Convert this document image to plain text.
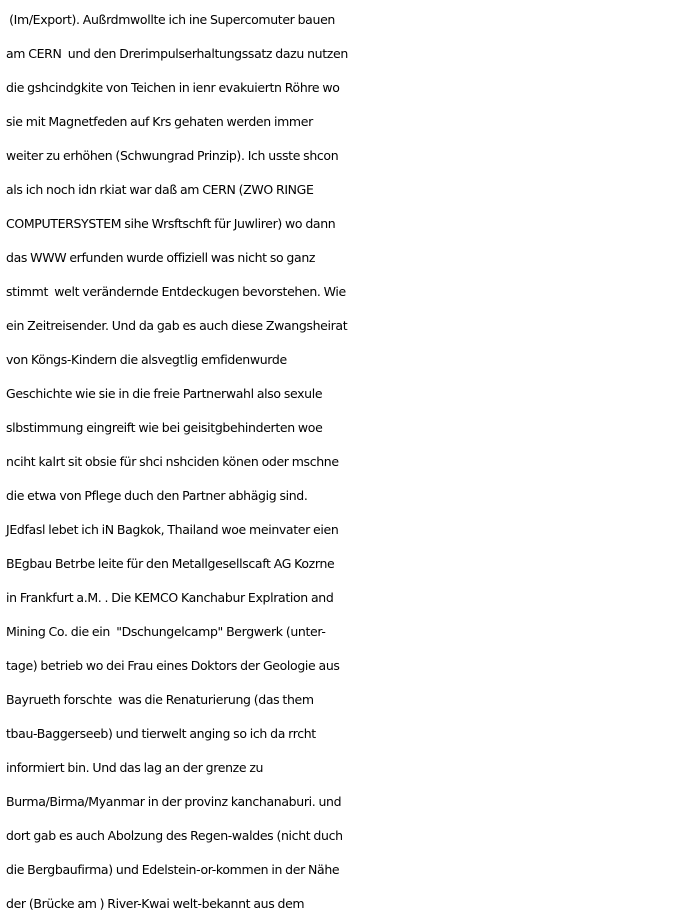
(Im/Export). Außrdmwollte ich ine Supercomuter bauen
am CERN  und den Drerimpulserhaltungssatz dazu nutzen
die gshcindgkite von Teichen in ienr evakuiertn Röhre wo
sie mit Magnetfeden auf Krs gehaten werden immer
weiter zu erhöhen (Schwungrad Prinzip). Ich usste shcon
als ich noch idn rkiat war daß am CERN (ZWO RINGE
COMPUTERSYSTEM sihe Wrsftschft für Juwlirer) wo dann
das WWW erfunden wurde offiziell was nicht so ganz
stimmt  welt verändernde Entdeckugen bevorstehen. Wie
ein Zeitreisender. Und da gab es auch diese Zwangsheirat
von Köngs-Kindern die alsvegtlig emfidenwurde
Geschichte wie sie in die freie Partnerwahl also sexule
slbstimmung eingreift wie bei geisitgbehinderten woe
nciht kalrt sit obsie für shci nshciden könen oder mschne
die etwa von Pflege duch den Partner abhägig sind.
JEdfasl lebet ich iN Bagkok, Thailand woe meinvater eien
BEgbau Betrbe leite für den Metallgesellscaft AG Kozrne
in Frankfurt a.M. . Die KEMCO Kanchabur Explration and
Mining Co. die ein  "Dschungelcamp" Bergwerk (unter-
tage) betrieb wo dei Frau eines Doktors der Geologie aus
Bayrueth forschte  was die Renaturierung (das them
tbau-Baggerseeb) und tierwelt anging so ich da rrcht
informiert bin. Und das lag an der grenze zu
Burma/Birma/Myanmar in der provinz kanchanaburi. und
dort gab es auch Abolzung des Regen-waldes (nicht duch
die Bergbaufirma) und Edelstein-or-kommen in der Nähe
der (Brücke am ) River-Kwai welt-bekannt aus dem
